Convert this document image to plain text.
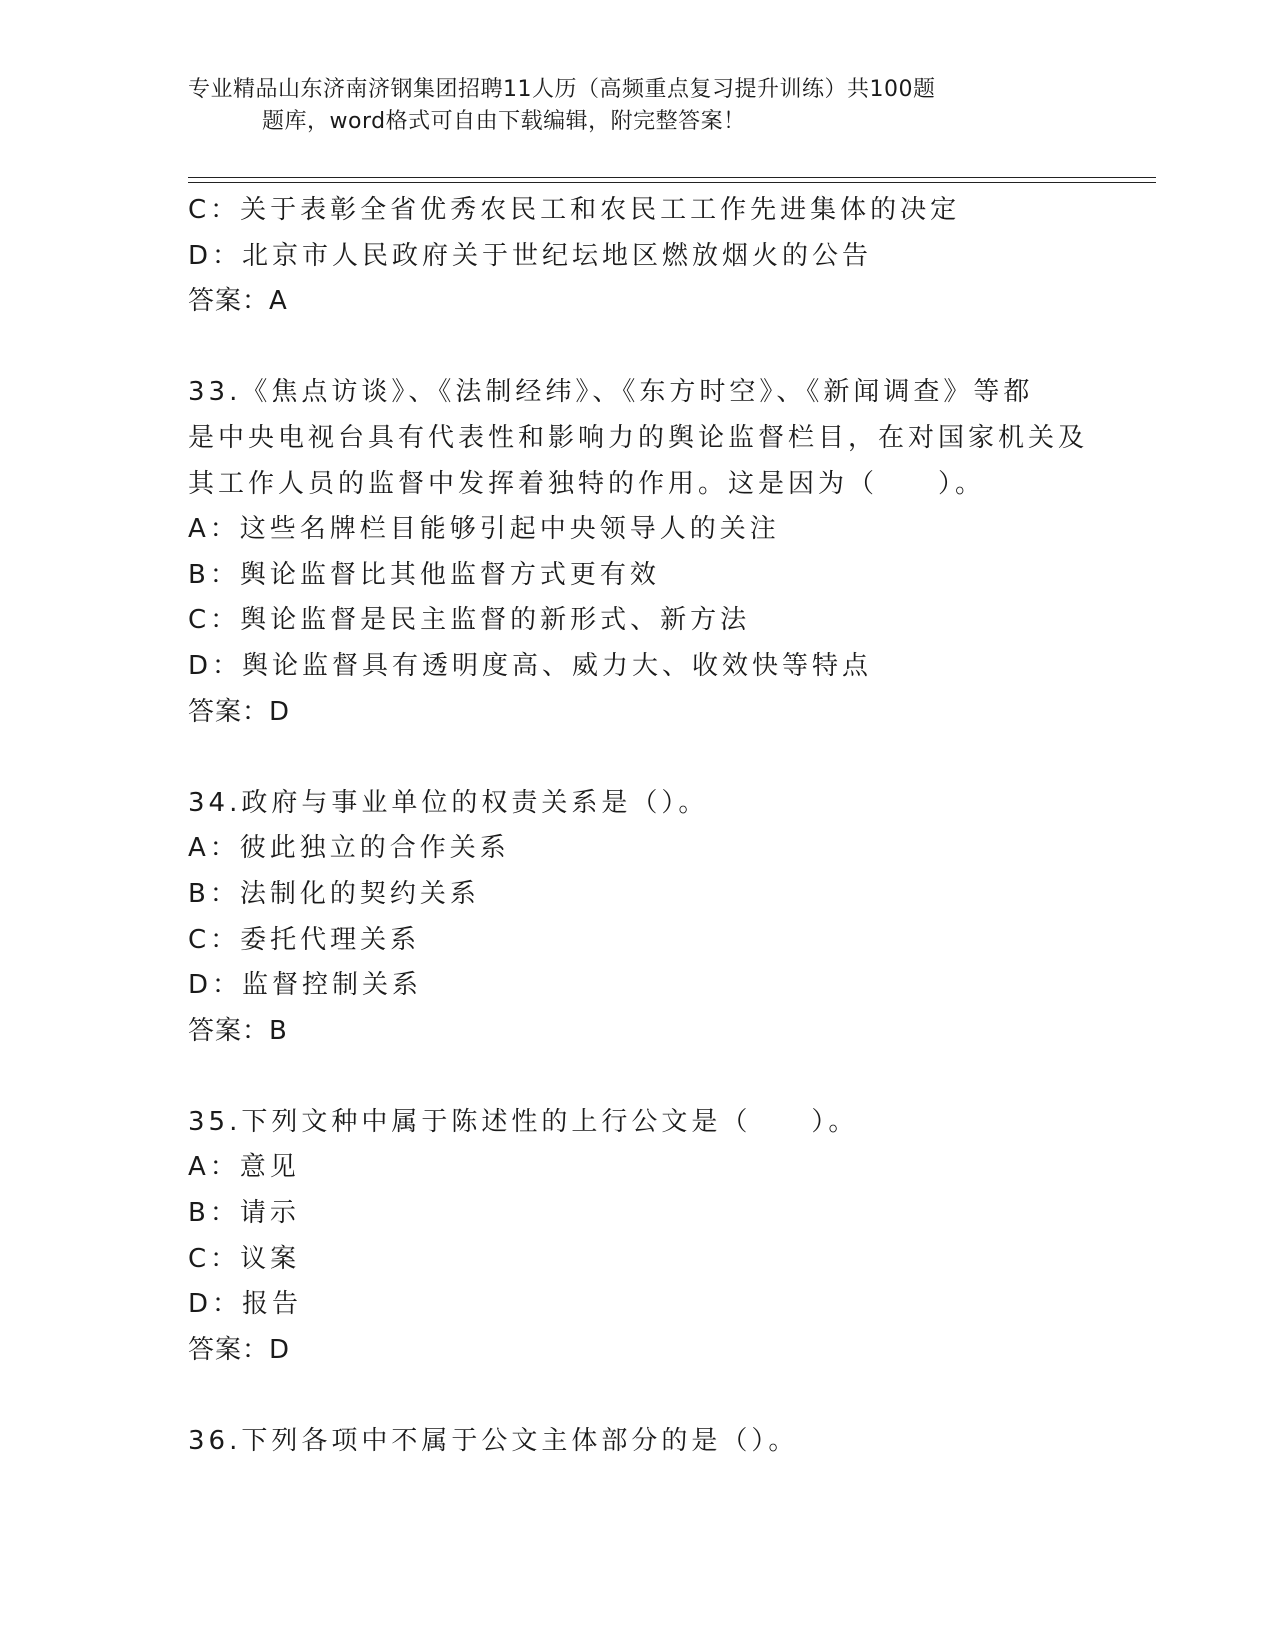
专业精品山东济南济钢集团招聘11人历（高频重点复习提升训练）共100题
题库，word格式可自由下载编辑，附完整答案！
C：关于表彰全省优秀农民工和农民工工作先进集体的决定
D：北京市人民政府关于世纪坛地区燃放烟火的公告
答案：A
33.《焦点访谈》、《法制经纬》、《东方时空》、《新闻调查》等都
是中央电视台具有代表性和影响力的舆论监督栏目，在对国家机关及
其工作人员的监督中发挥着独特的作用。这是因为（　　）。
A：这些名牌栏目能够引起中央领导人的关注
B：舆论监督比其他监督方式更有效
C：舆论监督是民主监督的新形式、新方法
D：舆论监督具有透明度高、威力大、收效快等特点
答案：D
34.政府与事业单位的权责关系是（）。
A：彼此独立的合作关系
B：法制化的契约关系
C：委托代理关系
D：监督控制关系
答案：B
35.下列文种中属于陈述性的上行公文是（　　）。
A：意见
B：请示
C：议案
D：报告
答案：D
36.下列各项中不属于公文主体部分的是（）。
